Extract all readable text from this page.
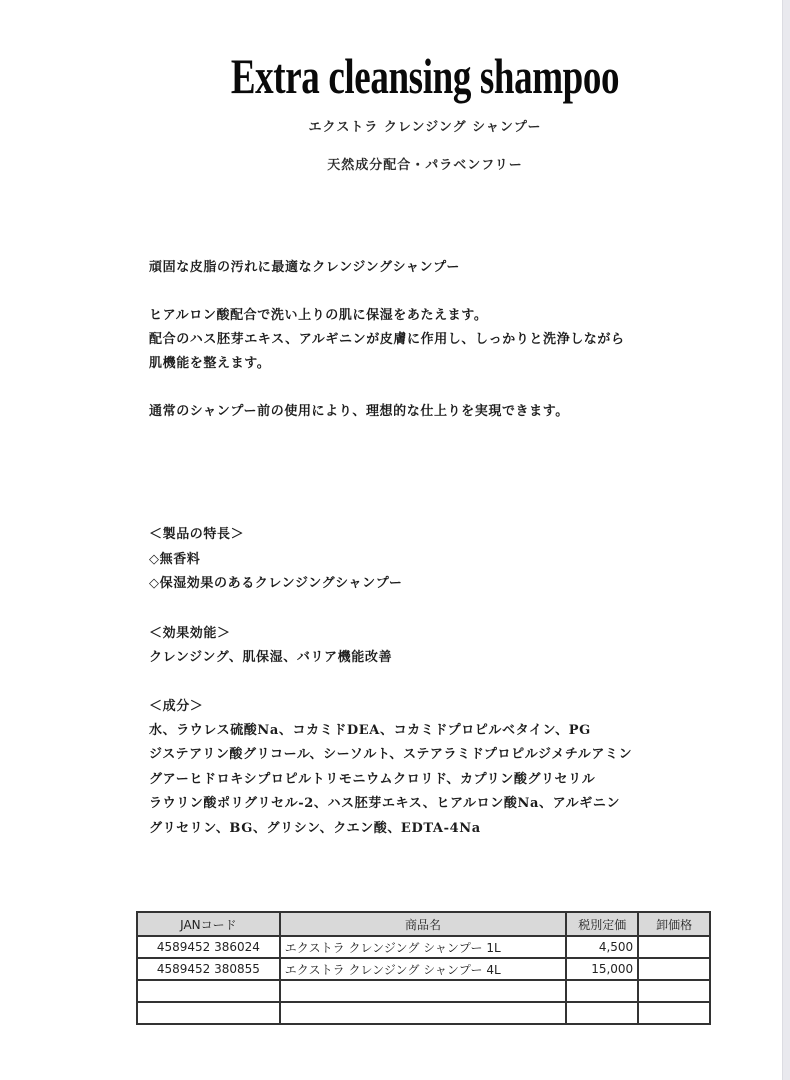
Extra cleansing shampoo
エクストラ クレンジング シャンプー
天然成分配合・パラベンフリー
頑固な皮脂の汚れに最適なクレンジングシャンプー
ヒアルロン酸配合で洗い上りの肌に保湿をあたえます。
配合のハス胚芽エキス、アルギニンが皮膚に作用し、しっかりと洗浄しながら
肌機能を整えます。
通常のシャンプー前の使用により、理想的な仕上りを実現できます。
＜製品の特長＞
◇無香料
◇保湿効果のあるクレンジングシャンプー
＜効果効能＞
クレンジング、肌保湿、バリア機能改善
＜成分＞
水、ラウレス硫酸Na、コカミドDEA、コカミドプロピルベタイン、PG
ジステアリン酸グリコール、シーソルト、ステアラミドプロピルジメチルアミン
グアーヒドロキシプロピルトリモニウムクロリド、カプリン酸グリセリル
ラウリン酸ポリグリセル-2、ハス胚芽エキス、ヒアルロン酸Na、アルギニン
グリセリン、BG、グリシン、クエン酸、EDTA-4Na
JANコード	商品名	税別定価	卸価格
4589452 386024	エクストラ クレンジング シャンプー 1L	4,500	
4589452 380855	エクストラ クレンジング シャンプー 4L	15,000	
